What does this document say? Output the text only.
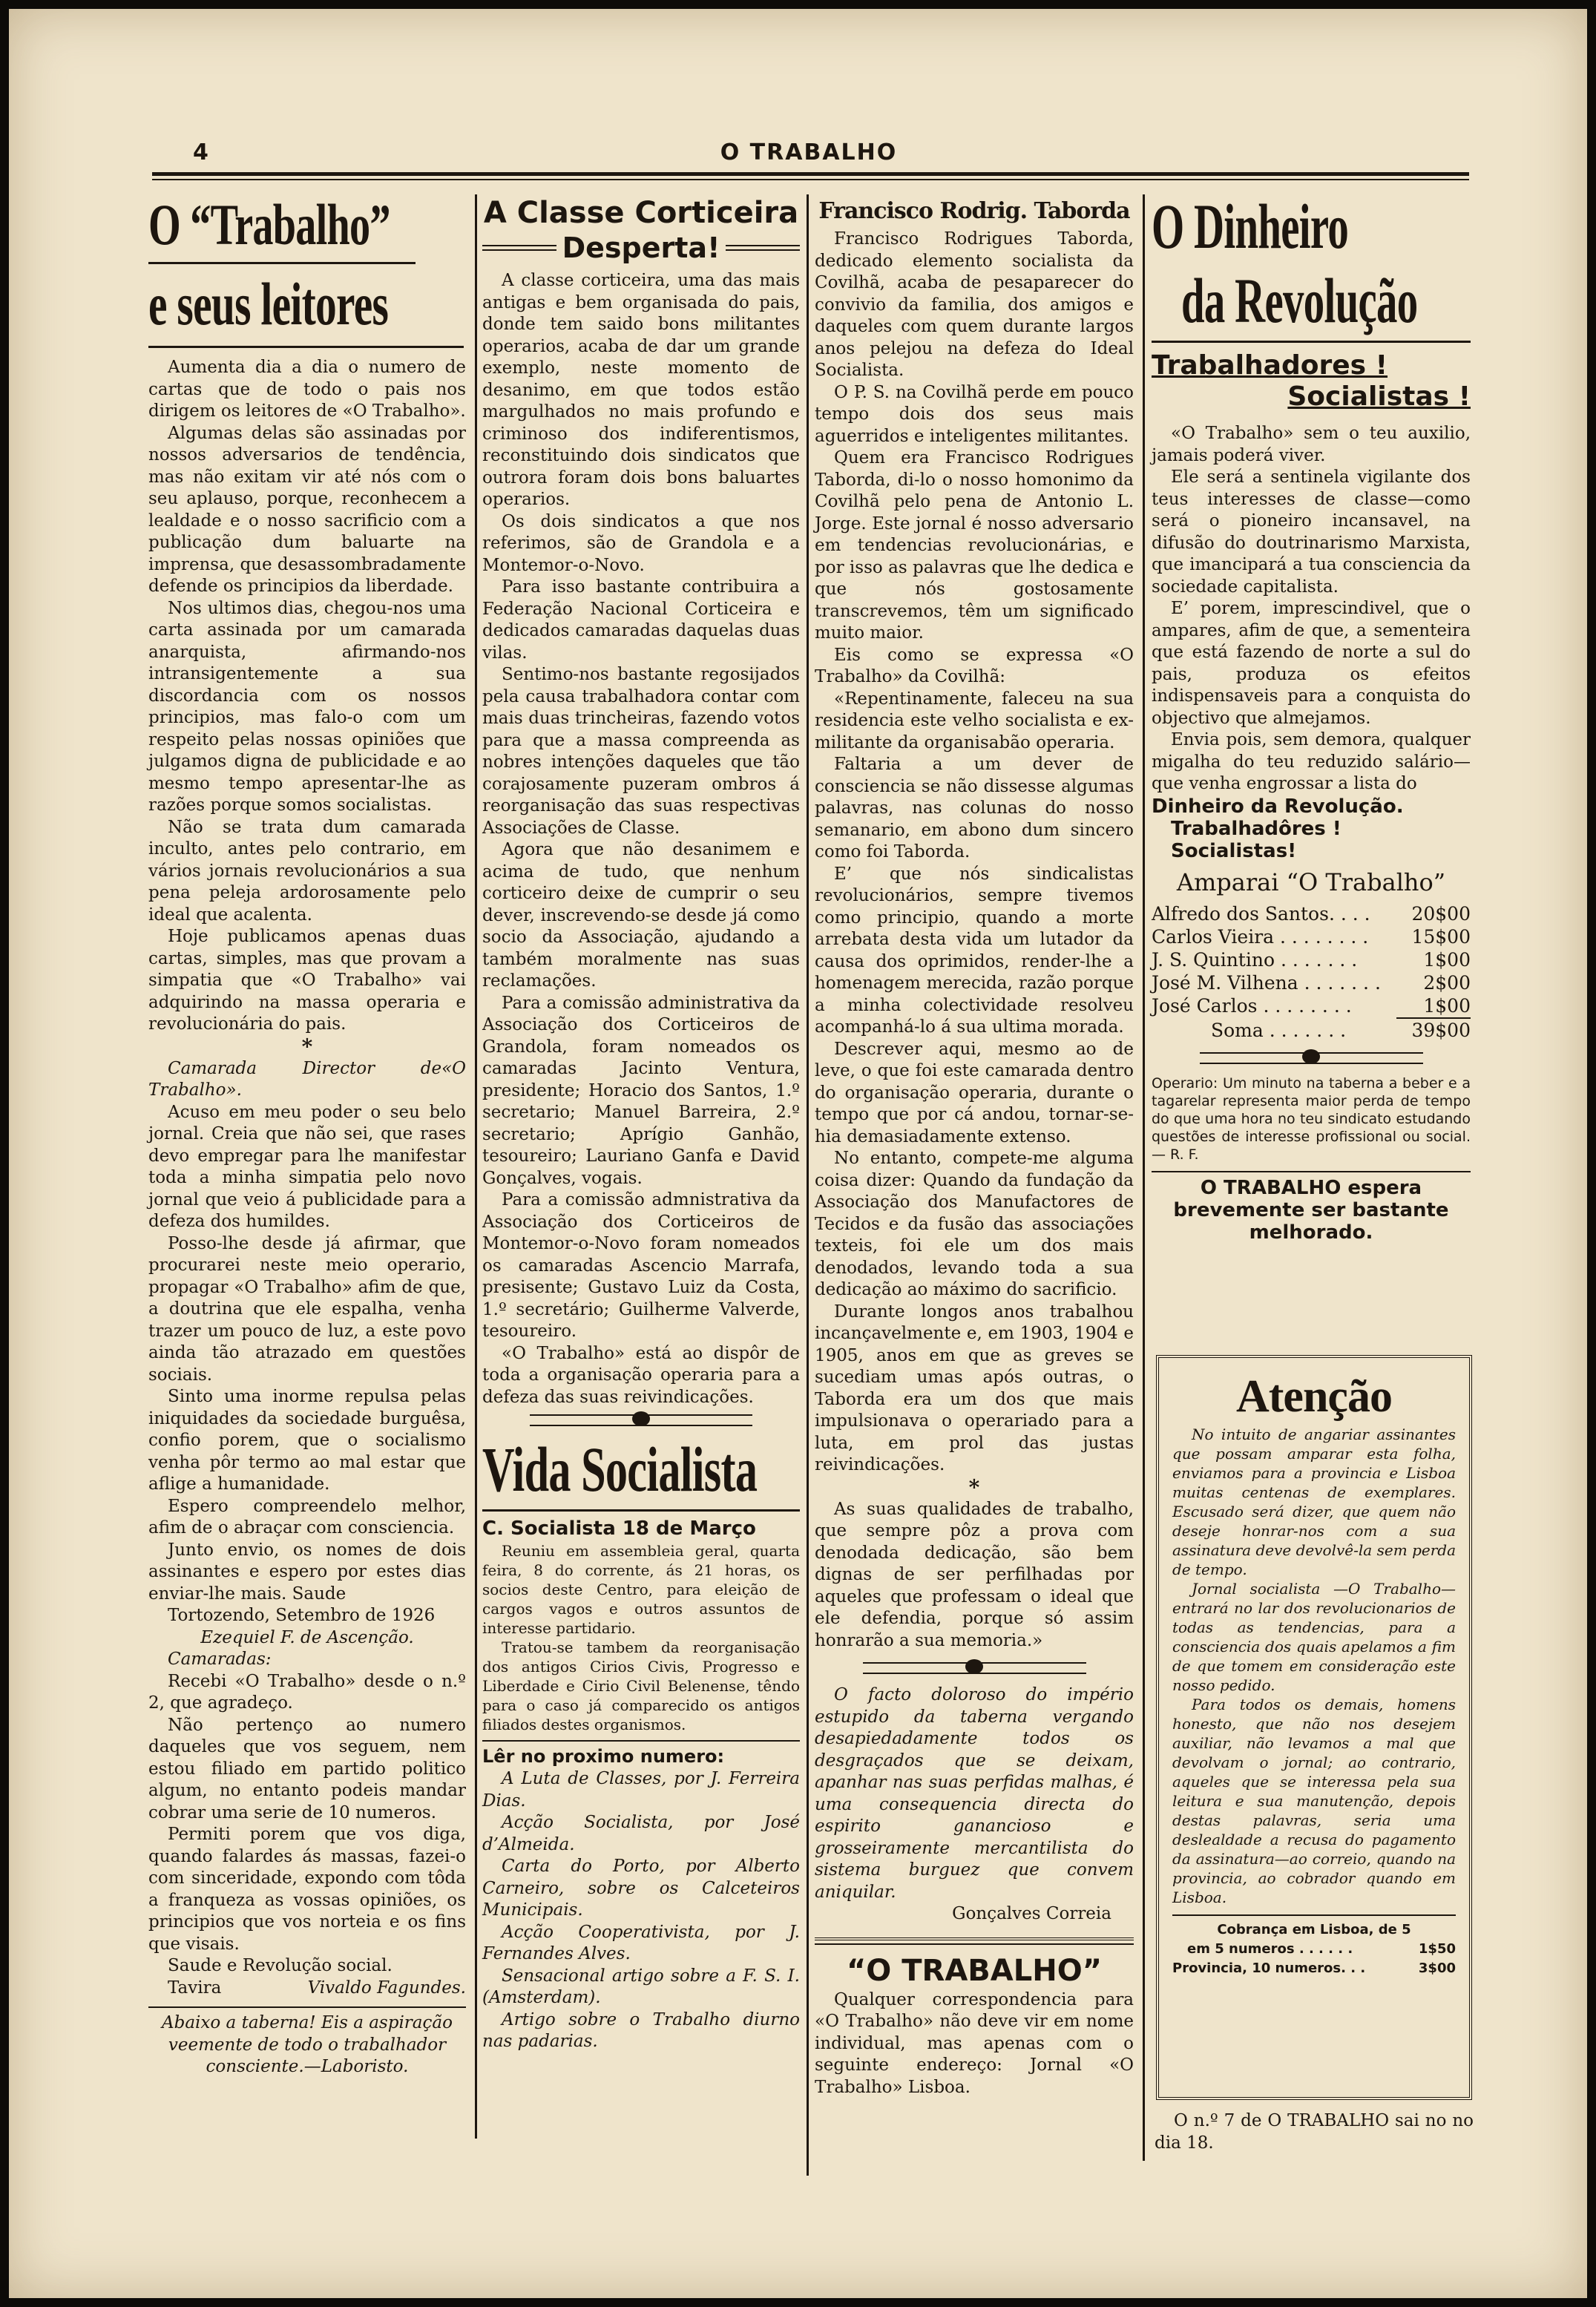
4	O TRABALHO
O “Trabalho”
e seus leitores

Aumenta dia a dia o numero de cartas que de todo o pais nos dirigem os leitores de «O Trabalho».

Algumas delas são assinadas por nossos adversarios de tendência, mas não exitam vir até nós com o seu aplauso, porque, reconhecem a lealdade e o nosso sacrificio com a publicação dum baluarte na imprensa, que desassombradamente defende os principios da liberdade.

Nos ultimos dias, chegou-nos uma carta assinada por um camarada anarquista, afirmando-nos intransigentemente a sua discordancia com os nossos principios, mas falo-o com um respeito pelas nossas opiniões que julgamos digna de publicidade e ao mesmo tempo apresentar-lhe as razões porque somos socialistas.

Não se trata dum camarada inculto, antes pelo contrario, em vários jornais revolucionários a sua pena peleja ardorosamente pelo ideal que acalenta.

Hoje publicamos apenas duas cartas, simples, mas que provam a simpatia que «O Trabalho» vai adquirindo na massa operaria e revolucionária do pais.

*

Camarada Director de«O Trabalho».

Acuso em meu poder o seu belo jornal. Creia que não sei, que rases devo empregar para lhe manifestar toda a minha simpatia pelo novo jornal que veio á publicidade para a defeza dos humildes.

Posso-lhe desde já afirmar, que procurarei neste meio operario, propagar «O Trabalho» afim de que, a doutrina que ele espalha, venha trazer um pouco de luz, a este povo ainda tão atrazado em questões sociais.

Sinto uma inorme repulsa pelas iniquidades da sociedade burguêsa, confio porem, que o socialismo venha pôr termo ao mal estar que aflige a humanidade.

Espero compreendelo melhor, afim de o abraçar com consciencia.

Junto envio, os nomes de dois assinantes e espero por estes dias enviar-lhe mais. Saude

Tortozendo, Setembro de 1926

Ezequiel F. de Ascenção.

Camaradas:

Recebi «O Trabalho» desde o n.º 2, que agradeço.

Não pertenço ao numero daqueles que vos seguem, nem estou filiado em partido politico algum, no entanto podeis mandar cobrar uma serie de 10 numeros.

Permiti porem que vos diga, quando falardes ás massas, fazei-o com sinceridade, expondo com tôda a franqueza as vossas opiniões, os principios que vos norteia e os fins que visais.

Saude e Revolução social.

Tavira	Vivaldo Fagundes.

Abaixo a taberna! Eis a aspiração veemente de todo o trabalhador consciente.—Laboristo.

A Classe Corticeira
Desperta!

A classe corticeira, uma das mais antigas e bem organisada do pais, donde tem saido bons militantes operarios, acaba de dar um grande exemplo, neste momento de desanimo, em que todos estão margulhados no mais profundo e criminoso dos indiferentismos, reconstituindo dois sindicatos que outrora foram dois bons baluartes operarios.

Os dois sindicatos a que nos referimos, são de Grandola e a Montemor-o-Novo.

Para isso bastante contribuira a Federação Nacional Corticeira e dedicados camaradas daquelas duas vilas.

Sentimo-nos bastante regosijados pela causa trabalhadora contar com mais duas trincheiras, fazendo votos para que a massa compreenda as nobres intenções daqueles que tão corajosamente puzeram ombros á reorganisação das suas respectivas Associações de Classe.

Agora que não desanimem e acima de tudo, que nenhum corticeiro deixe de cumprir o seu dever, inscrevendo-se desde já como socio da Associação, ajudando a também moralmente nas suas reclamações.

Para a comissão administrativa da Associação dos Corticeiros de Grandola, foram nomeados os camaradas Jacinto Ventura, presidente; Horacio dos Santos, 1.º secretario; Manuel Barreira, 2.º secretario; Aprígio Ganhão, tesoureiro; Lauriano Ganfa e David Gonçalves, vogais.

Para a comissão admnistrativa da Associação dos Corticeiros de Montemor-o-Novo foram nomeados os camaradas Ascencio Marrafa, presisente; Gustavo Luiz da Costa, 1.º secretário; Guilherme Valverde, tesoureiro.

«O Trabalho» está ao dispôr de toda a organisação operaria para a defeza das suas reivindicações.

Vida Socialista
C. Socialista 18 de Março

Reuniu em assembleia geral, quarta feira, 8 do corrente, ás 21 horas, os socios deste Centro, para eleição de cargos vagos e outros assuntos de interesse partidario.

Tratou-se tambem da reorganisação dos antigos Cirios Civis, Progresso e Liberdade e Cirio Civil Belenense, têndo para o caso já comparecido os antigos filiados destes organismos.

Lêr no proximo numero:

A Luta de Classes, por J. Ferreira Dias.

Acção Socialista, por José d’Almeida.

Carta do Porto, por Alberto Carneiro, sobre os Calceteiros Municipais.

Acção Cooperativista, por J. Fernandes Alves.

Sensacional artigo sobre a F. S. I. (Amsterdam).

Artigo sobre o Trabalho diurno nas padarias.

Francisco Rodrig. Taborda

Francisco Rodrigues Taborda, dedicado elemento socialista da Covilhã, acaba de pesaparecer do convivio da familia, dos amigos e daqueles com quem durante largos anos pelejou na defeza do Ideal Socialista.

O P. S. na Covilhã perde em pouco tempo dois dos seus mais aguerridos e inteligentes militantes.

Quem era Francisco Rodrigues Taborda, di-lo o nosso homonimo da Covilhã pelo pena de Antonio L. Jorge. Este jornal é nosso adversario em tendencias revolucionárias, e por isso as palavras que lhe dedica e que nós gostosamente transcrevemos, têm um significado muito maior.

Eis como se expressa «O Trabalho» da Covilhã:

«Repentinamente, faleceu na sua residencia este velho socialista e ex-militante da organisabão operaria.

Faltaria a um dever de consciencia se não dissesse algumas palavras, nas colunas do nosso semanario, em abono dum sincero como foi Taborda.

E’ que nós sindicalistas revolucionários, sempre tivemos como principio, quando a morte arrebata desta vida um lutador da causa dos oprimidos, render-lhe a homenagem merecida, razão porque a minha colectividade resolveu acompanhá-lo á sua ultima morada.

Descrever aqui, mesmo ao de leve, o que foi este camarada dentro do organisação operaria, durante o tempo que por cá andou, tornar-se-hia demasiadamente extenso.

No entanto, compete-me alguma coisa dizer: Quando da fundação da Associação dos Manufactores de Tecidos e da fusão das associações texteis, foi ele um dos mais denodados, levando toda a sua dedicação ao máximo do sacrificio.

Durante longos anos trabalhou incançavelmente e, em 1903, 1904 e 1905, anos em que as greves se sucediam umas após outras, o Taborda era um dos que mais impulsionava o operariado para a luta, em prol das justas reivindicações.

*

As suas qualidades de trabalho, que sempre pôz a prova com denodada dedicação, são bem dignas de ser perfilhadas por aqueles que professam o ideal que ele defendia, porque só assim honrarão a sua memoria.»

O facto doloroso do império estupido da taberna vergando desapiedadamente todos os desgraçados que se deixam, apanhar nas suas perfidas malhas, é uma consequencia directa do espirito ganancioso e grosseiramente mercantilista do sistema burguez que convem aniquilar.

Gonçalves Correia

“O TRABALHO”

Qualquer correspondencia para «O Trabalho» não deve vir em nome individual, mas apenas com o seguinte endereço: Jornal «O Trabalho» Lisboa.

O Dinheiro
da Revolução
Trabalhadores !
Socialistas !

«O Trabalho» sem o teu auxilio, jamais poderá viver.

Ele será a sentinela vigilante dos teus interesses de classe—como será o pioneiro incansavel, na difusão do doutrinarismo Marxista, que imancipará a tua consciencia da sociedade capitalista.

E’ porem, imprescindivel, que o ampares, afim de que, a sementeira que está fazendo de norte a sul do pais, produza os efeitos indispensaveis para a conquista do objectivo que almejamos.

Envia pois, sem demora, qualquer migalha do teu reduzido salário—que venha engrossar a lista do

Dinheiro da Revolução.
Trabalhadôres !
Socialistas!
Amparai “O Trabalho”
Alfredo dos Santos. . . . 20$00
Carlos Vieira . . . . . . . . 15$00
J. S. Quintino . . . . . . .	1$00
José M. Vilhena . . . . . . . 2$00
José Carlos . . . . . . . .	1$00
Soma . . . . . . .	39$00
Operario: Um minuto na taberna a beber e a tagarelar representa maior perda de tempo do que uma hora no teu sindicato estudando questões de interesse profissional ou social.— R. F.
O TRABALHO espera brevemente ser bastante melhorado.
Atenção

No intuito de angariar assinantes que possam amparar esta folha, enviamos para a provincia e Lisboa muitas centenas de exemplares. Escusado será dizer, que quem não deseje honrar-nos com a sua assinatura deve devolvê-la sem perda de tempo.

Jornal socialista —O Trabalho— entrará no lar dos revolucionarios de todas as tendencias, para a consciencia dos quais apelamos a fim de que tomem em consideração este nosso pedido.

Para todos os demais, homens honesto, que não nos desejem auxiliar, não levamos a mal que devolvam o jornal; ao contrario, aqueles que se interessa pela sua leitura e sua manutenção, depois destas palavras, seria uma deslealdade a recusa do pagamento da assinatura—ao correio, quando na provincia, ao cobrador quando em Lisboa.

Cobrança em Lisboa, de 5
em 5 numeros . . . . . .	1$50
Provincia, 10 numeros. . .	3$00

O n.º 7 de O TRABALHO sai no no dia 18.
